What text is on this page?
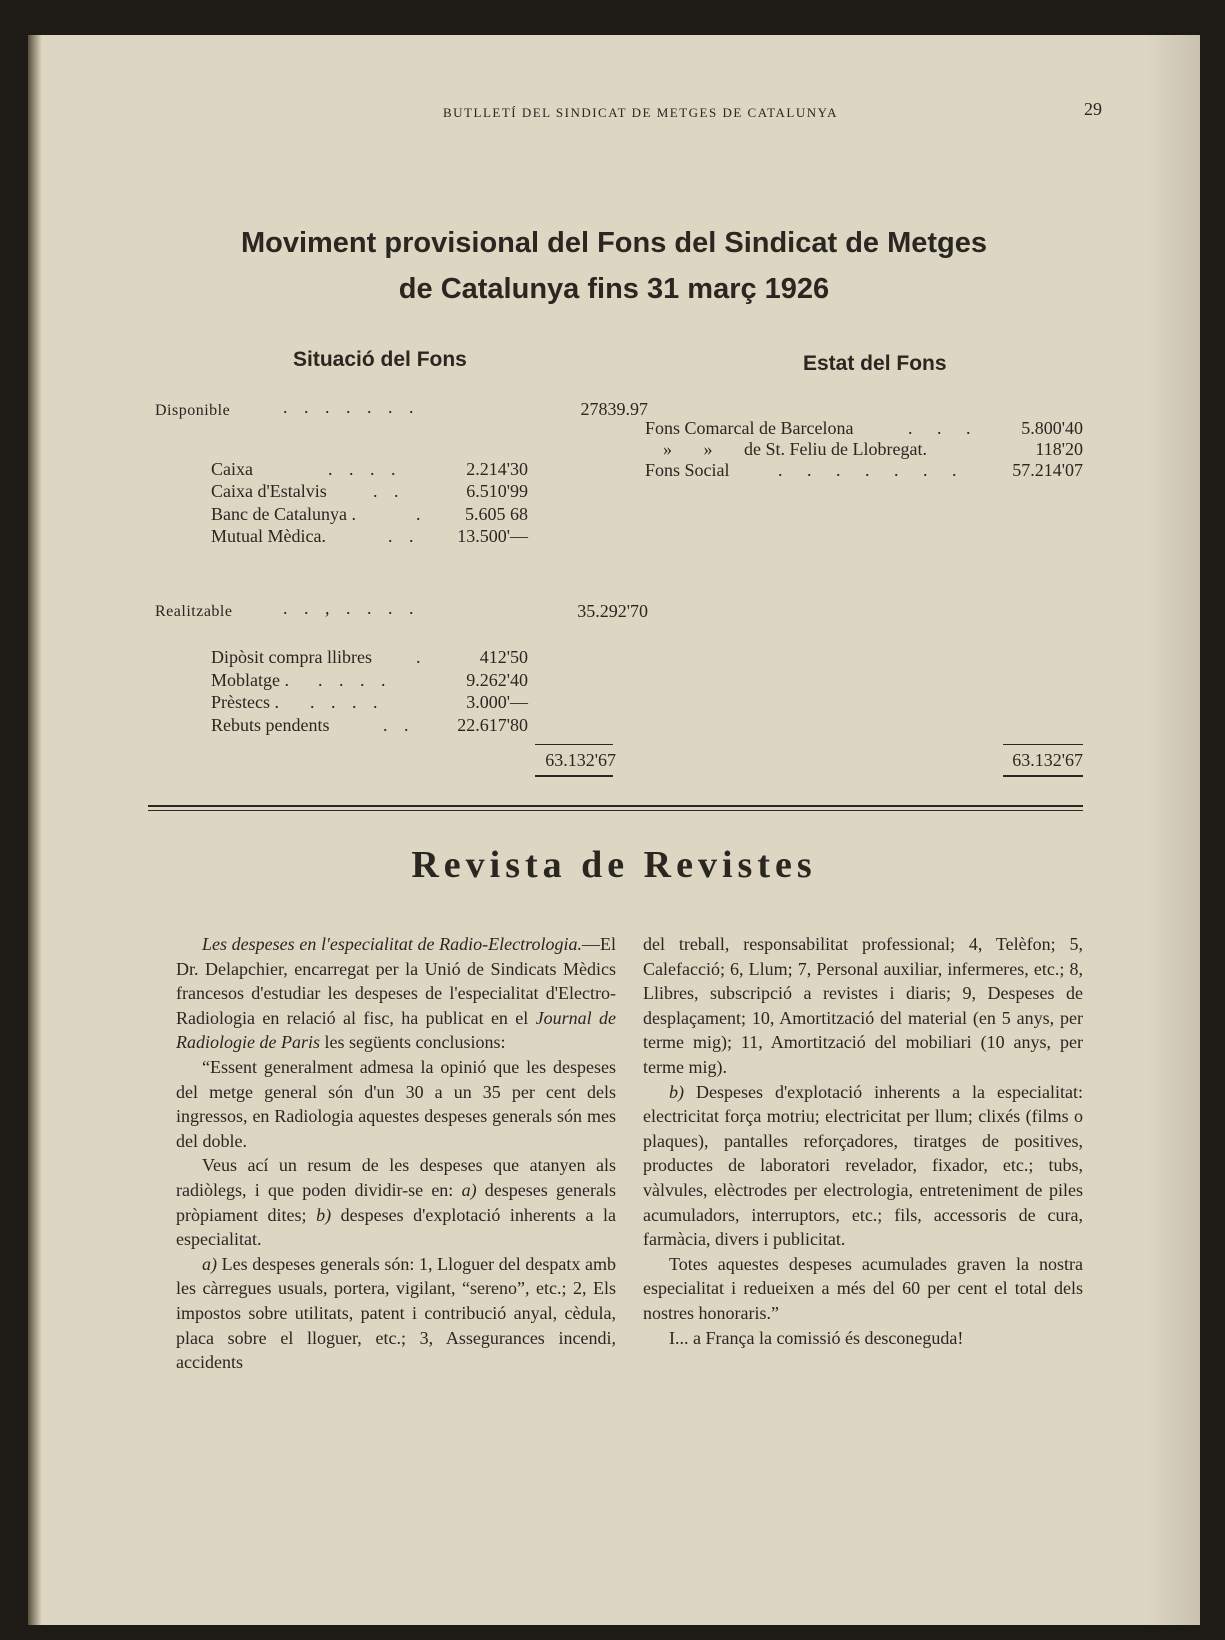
BUTLLETÍ DEL SINDICAT DE METGES DE CATALUNYA	29
Moviment provisional del Fons del Sindicat de Metges
de Catalunya fins 31 març 1926
Situació del Fons	Estat del Fons
Disponible	. . . . . . .	27839.97
Caixa	. . . .	2.214'30
Caixa d'Estalvis	. .	6.510'99
Banc de Catalunya .	.	5.605 68
Mutual Mèdica.	. .	13.500'—
Realitzable	. . , . . . .	35.292'70
Dipòsit compra llibres .	412'50
Moblatge . . . . .	9.262'40
Prèstecs . . . . .	3.000'—
Rebuts pendents	. .	22.617'80
63.132'67
Fons Comarcal de Barcelona	. . .	5.800'40
»       »       de St. Feliu de Llobregat.	118'20
Fons Social	. . . . . . .	57.214'07
63.132'67
Revista de Revistes

Les despeses en l'especialitat de Radio-Electrologia.—El Dr. Delapchier, encarregat per la Unió de Sindicats Mèdics francesos d'estudiar les despeses de l'especialitat d'Electro-Radiologia en relació al fisc, ha publicat en el Journal de Radiologie de Paris les següents conclusions:

“Essent generalment admesa la opinió que les despeses del metge general són d'un 30 a un 35 per cent dels ingressos, en Radiologia aquestes despeses generals són mes del doble.

Veus ací un resum de les despeses que atanyen als radiòlegs, i que poden dividir-se en: a) despeses generals pròpiament dites; b) despeses d'explotació inherents a la especialitat.

a) Les despeses generals són: 1, Lloguer del despatx amb les càrregues usuals, portera, vigilant, “sereno”, etc.; 2, Els impostos sobre utilitats, patent i contribució anyal, cèdula, placa sobre el lloguer, etc.; 3, Assegurances incendi, accidents

del treball, responsabilitat professional; 4, Telèfon; 5, Calefacció; 6, Llum; 7, Personal auxiliar, infermeres, etc.; 8, Llibres, subscripció a revistes i diaris; 9, Despeses de desplaçament; 10, Amortització del material (en 5 anys, per terme mig); 11, Amortització del mobiliari (10 anys, per terme mig).

b) Despeses d'explotació inherents a la especialitat: electricitat força motriu; electricitat per llum; clixés (films o plaques), pantalles reforçadores, tiratges de positives, productes de laboratori revelador, fixador, etc.; tubs, vàlvules, elèctrodes per electrologia, entreteniment de piles acumuladors, interruptors, etc.; fils, accessoris de cura, farmàcia, divers i publicitat.

Totes aquestes despeses acumulades graven la nostra especialitat i redueixen a més del 60 per cent el total dels nostres honoraris.”

I... a França la comissió és desconeguda!
